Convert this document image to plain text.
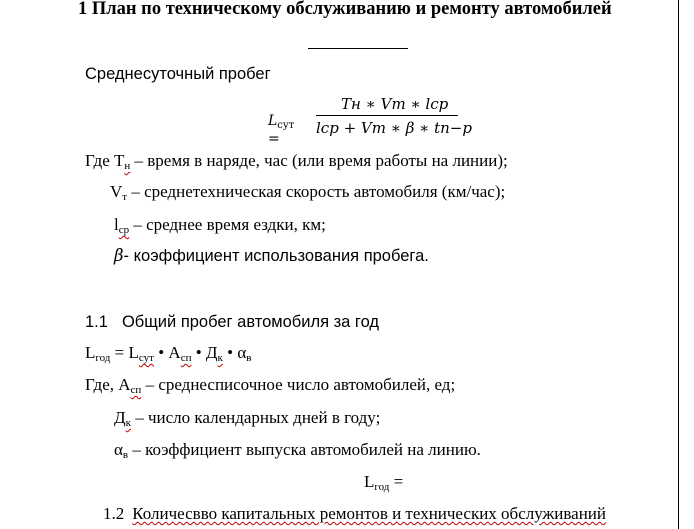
1 План по техническому обслуживанию и ремонту автомобилей
Среднесуточный пробег
$L_{сут}$ =
Tн ∗ Vт ∗ lср
lср + Vт ∗ β ∗ tп−р
Где $T_н$ – время в наряде, час (или время работы на линии);
$V_т$ – среднетехническая скорость автомобиля (км/час);
$l_{ср}$ – среднее время ездки, км;
β- коэффициент использования пробега.
1.1 Общий пробег автомобиля за год
$L_{год} = L_{сут}$ • $A_{сп}$ • $Д_к$ • $\alpha_в$
Где, $A_{сп}$ – среднесписочное число автомобилей, ед;
$Д_к$ – число календарных дней в году;
$\alpha_в$ – коэффициент выпуска автомобилей на линию.
$L_{год}$ =
1.2 Количесвво капитальных ремонтов и технических обслуживаний
